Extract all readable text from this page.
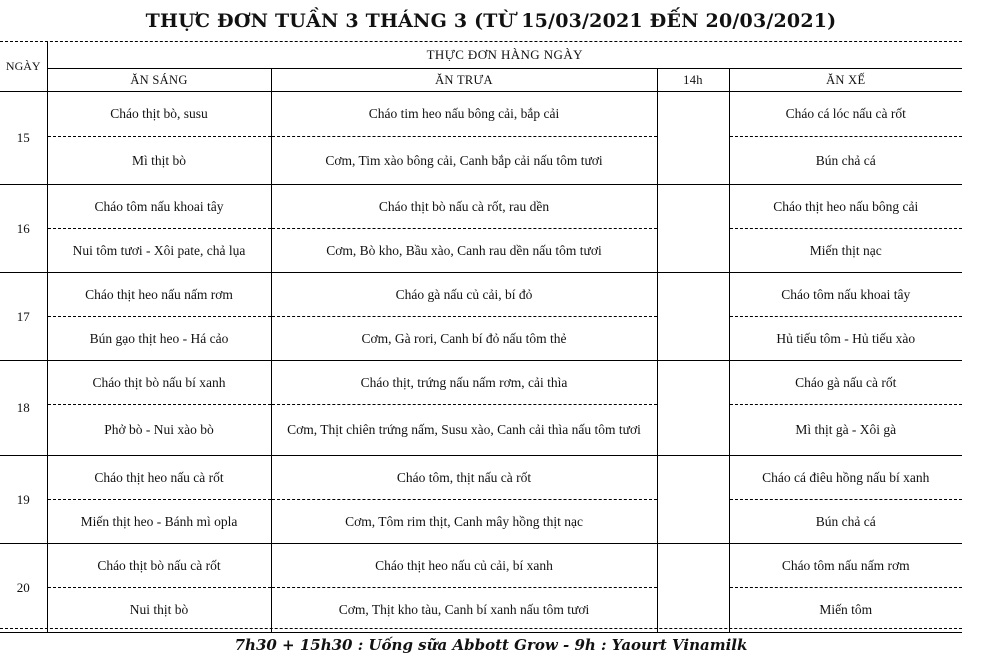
THỰC ĐƠN TUẦN 3 THÁNG 3 (TỪ 15/03/2021 ĐẾN 20/03/2021)
NGÀY	THỰC ĐƠN HÀNG NGÀY			
	ĂN SÁNG	ĂN TRƯA	14h	ĂN XẾ
15	Cháo thịt bò, susu	Cháo tim heo nấu bông cải, bắp cải		Cháo cá lóc nấu cà rốt
	Mì thịt bò	Cơm, Tim xào bông cải, Canh bắp cải nấu tôm tươi		Bún chả cá
16	Cháo tôm nấu khoai tây	Cháo thịt bò nấu cà rốt, rau dền		Cháo thịt heo nấu bông cải
	Nui tôm tươi - Xôi pate, chả lụa	Cơm, Bò kho, Bầu xào, Canh rau dền nấu tôm tươi		Miến thịt nạc
17	Cháo thịt heo nấu nấm rơm	Cháo gà nấu củ cải, bí đỏ		Cháo tôm nấu khoai tây
	Bún gạo thịt heo - Há cảo	Cơm, Gà rori, Canh bí đỏ nấu tôm thẻ		Hủ tiếu tôm - Hủ tiếu xào
18	Cháo thịt bò nấu bí xanh	Cháo thịt, trứng nấu nấm rơm, cải thìa		Cháo gà nấu cà rốt
	Phở bò - Nui xào bò	Cơm, Thịt chiên trứng nấm, Susu xào, Canh cải thìa nấu tôm tươi		Mì thịt gà - Xôi gà
19	Cháo thịt heo nấu cà rốt	Cháo tôm, thịt nấu cà rốt		Cháo cá điêu hồng nấu bí xanh
	Miến thịt heo - Bánh mì opla	Cơm, Tôm rim thịt, Canh mây hồng thịt nạc		Bún chả cá
20	Cháo thịt bò nấu cà rốt	Cháo thịt heo nấu củ cải, bí xanh		Cháo tôm nấu nấm rơm
	Nui thịt bò	Cơm, Thịt kho tàu, Canh bí xanh nấu tôm tươi		Miến tôm
7h30 + 15h30 : Uống sữa Abbott Grow - 9h : Yaourt Vinamilk
